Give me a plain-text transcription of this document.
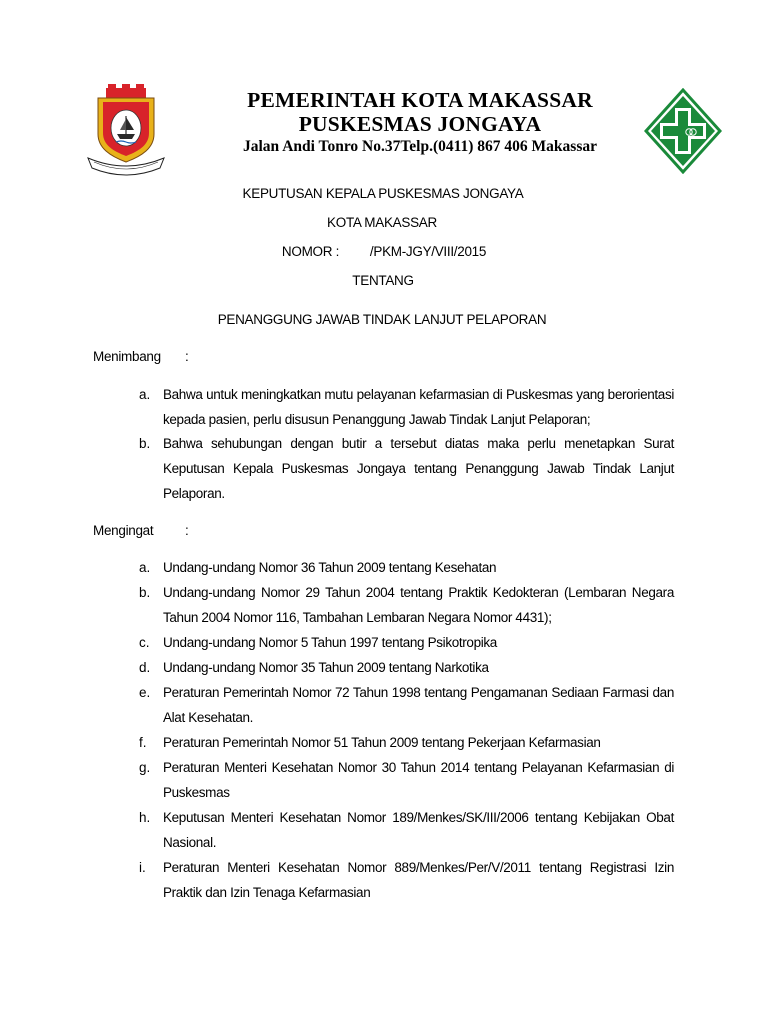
PEMERINTAH KOTA MAKASSAR
PUSKESMAS JONGAYA
Jalan Andi Tonro No.37Telp.(0411) 867 406 Makassar
KEPUTUSAN KEPALA PUSKESMAS JONGAYA
KOTA MAKASSAR
NOMOR : /PKM-JGY/VIII/2015
TENTANG
PENANGGUNG JAWAB TINDAK LANJUT PELAPORAN
Menimbang :
a. Bahwa untuk meningkatkan mutu pelayanan kefarmasian di Puskesmas yang berorientasi kepada pasien, perlu disusun Penanggung Jawab Tindak Lanjut Pelaporan;
b. Bahwa sehubungan dengan butir a tersebut diatas maka perlu menetapkan Surat Keputusan Kepala Puskesmas Jongaya tentang Penanggung Jawab Tindak Lanjut Pelaporan.
Mengingat :
a. Undang-undang Nomor 36 Tahun 2009 tentang Kesehatan
b. Undang-undang Nomor 29 Tahun 2004 tentang Praktik Kedokteran (Lembaran Negara Tahun 2004 Nomor 116, Tambahan Lembaran Negara Nomor 4431);
c. Undang-undang Nomor 5 Tahun 1997 tentang Psikotropika
d. Undang-undang Nomor 35 Tahun 2009 tentang Narkotika
e. Peraturan Pemerintah Nomor 72 Tahun 1998 tentang Pengamanan Sediaan Farmasi dan Alat Kesehatan.
f. Peraturan Pemerintah Nomor 51 Tahun 2009 tentang Pekerjaan Kefarmasian
g. Peraturan Menteri Kesehatan Nomor 30 Tahun 2014 tentang Pelayanan Kefarmasian di Puskesmas
h. Keputusan Menteri Kesehatan Nomor 189/Menkes/SK/III/2006 tentang Kebijakan Obat Nasional.
i. Peraturan Menteri Kesehatan Nomor 889/Menkes/Per/V/2011 tentang Registrasi Izin Praktik dan Izin Tenaga Kefarmasian
